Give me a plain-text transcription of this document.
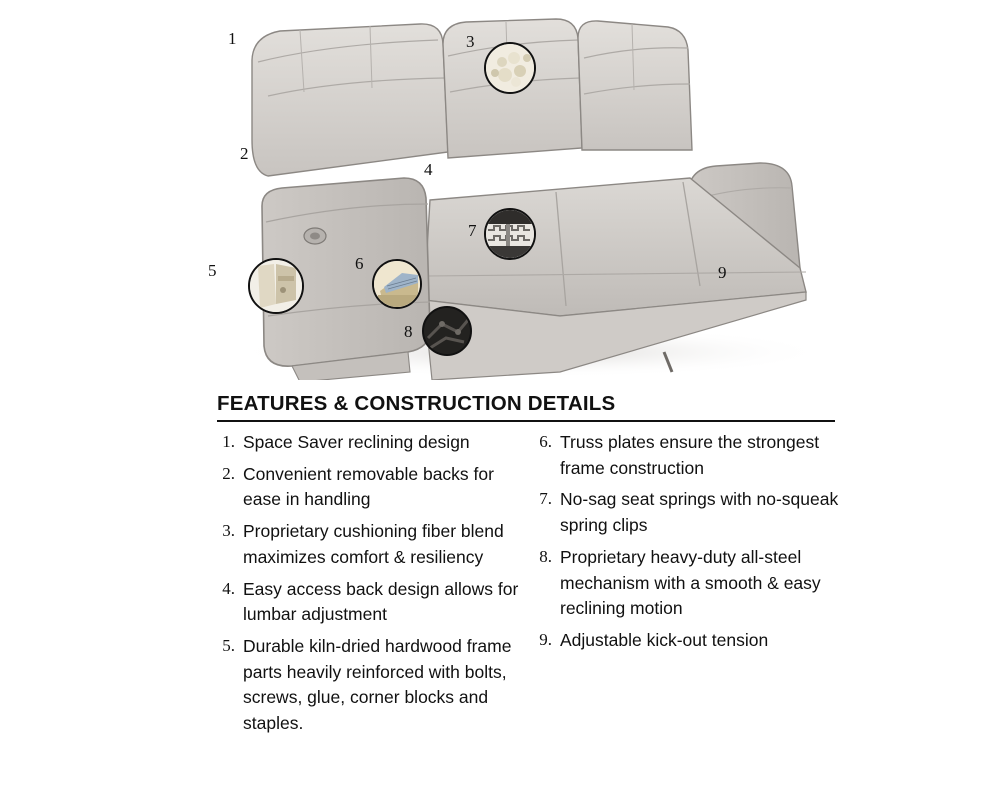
1
2
3
4
5	6
7
8
9
FEATURES & CONSTRUCTION DETAILS
1. Space Saver reclining design
2. Convenient removable backs for ease in handling
3. Proprietary cushioning fiber blend maximizes comfort & resiliency
4. Easy access back design allows for lumbar adjustment
5. Durable kiln-dried hardwood frame parts heavily reinforced with bolts, screws, glue, corner blocks and staples.
6. Truss plates ensure the strongest frame construction
7. No-sag seat springs with no-squeak spring clips
8. Proprietary heavy-duty all-steel mechanism with a smooth & easy reclining motion
9. Adjustable kick-out tension
